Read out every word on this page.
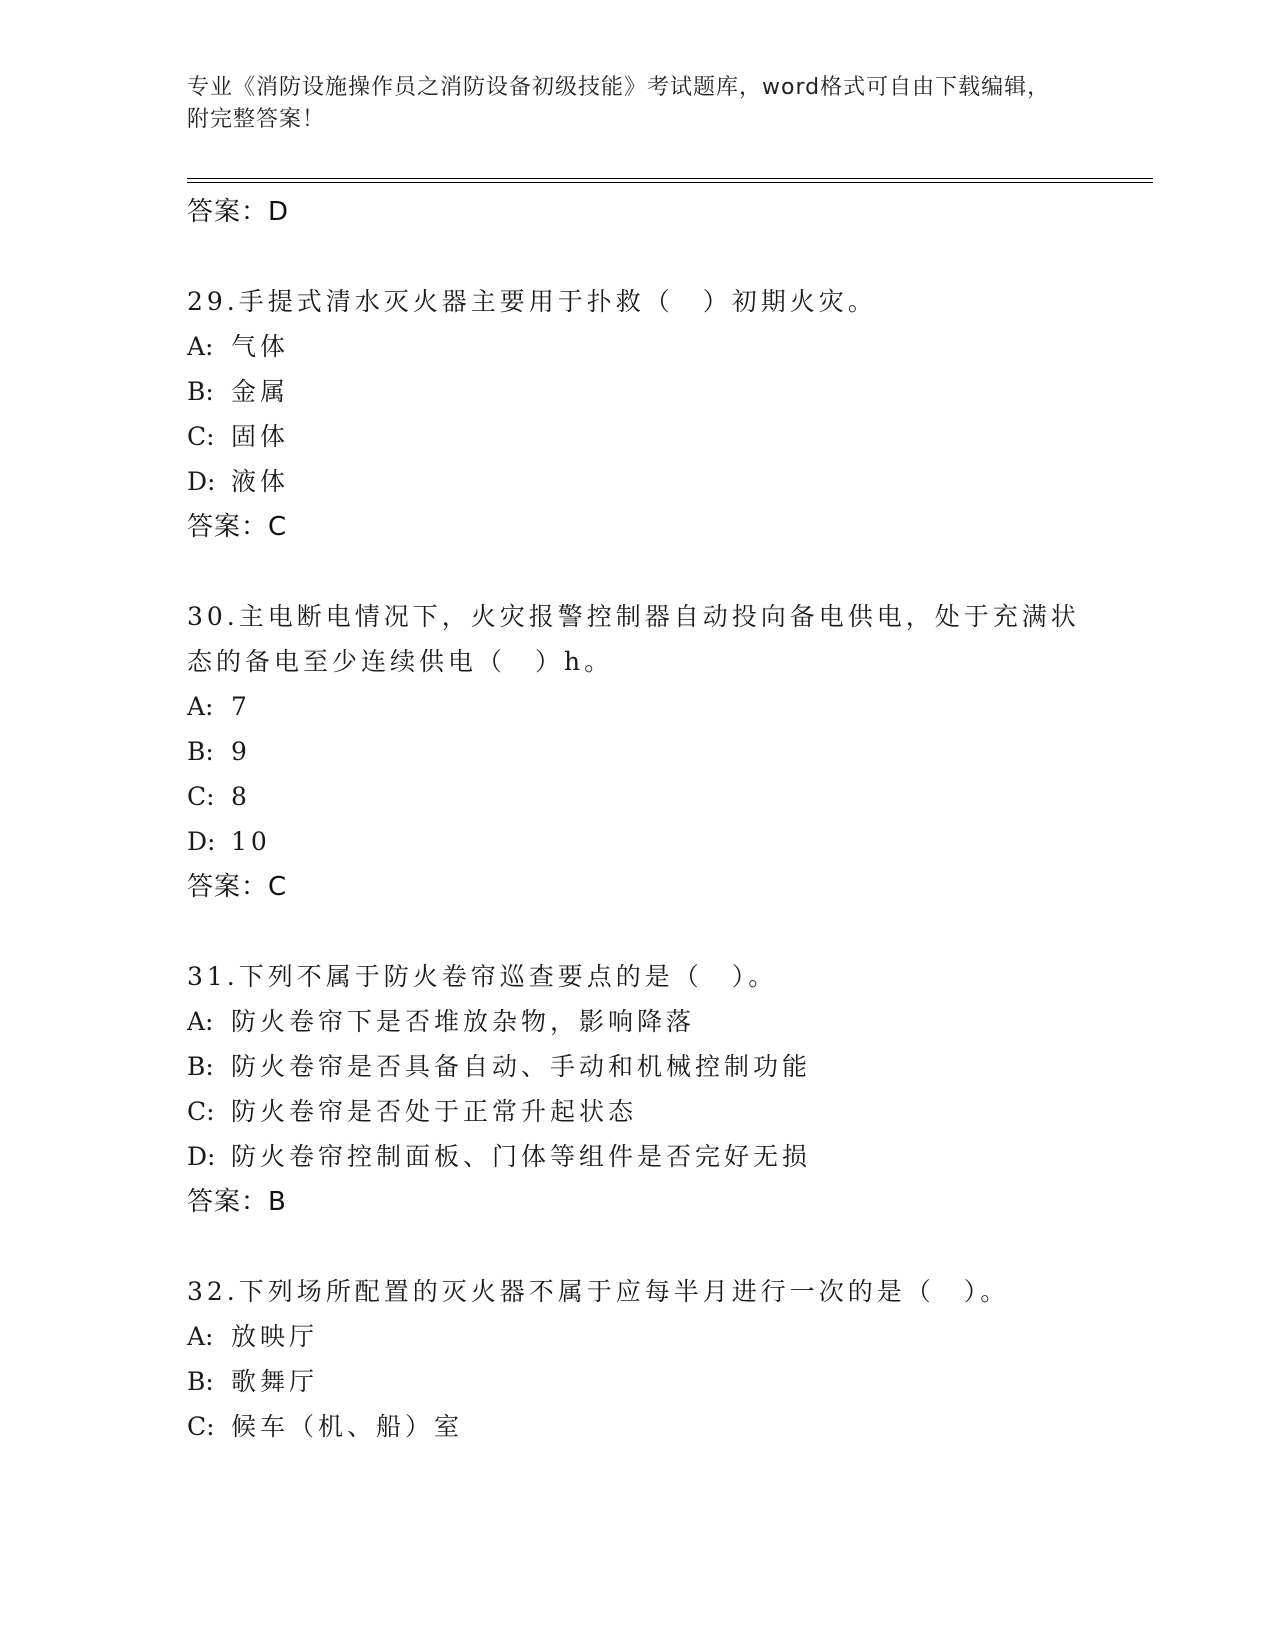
专业《消防设施操作员之消防设备初级技能》考试题库，word格式可自由下载编辑，附完整答案！
答案：D
29.手提式清水灭火器主要用于扑救（　）初期火灾。
A: 气体
B: 金属
C: 固体
D: 液体
答案：C
30.主电断电情况下，火灾报警控制器自动投向备电供电，处于充满状态的备电至少连续供电（　）h。
A: 7
B: 9
C: 8
D: 10
答案：C
31.下列不属于防火卷帘巡查要点的是（　）。
A: 防火卷帘下是否堆放杂物，影响降落
B: 防火卷帘是否具备自动、手动和机械控制功能
C: 防火卷帘是否处于正常升起状态
D: 防火卷帘控制面板、门体等组件是否完好无损
答案：B
32.下列场所配置的灭火器不属于应每半月进行一次的是（　）。
A: 放映厅
B: 歌舞厅
C: 候车（机、船）室
